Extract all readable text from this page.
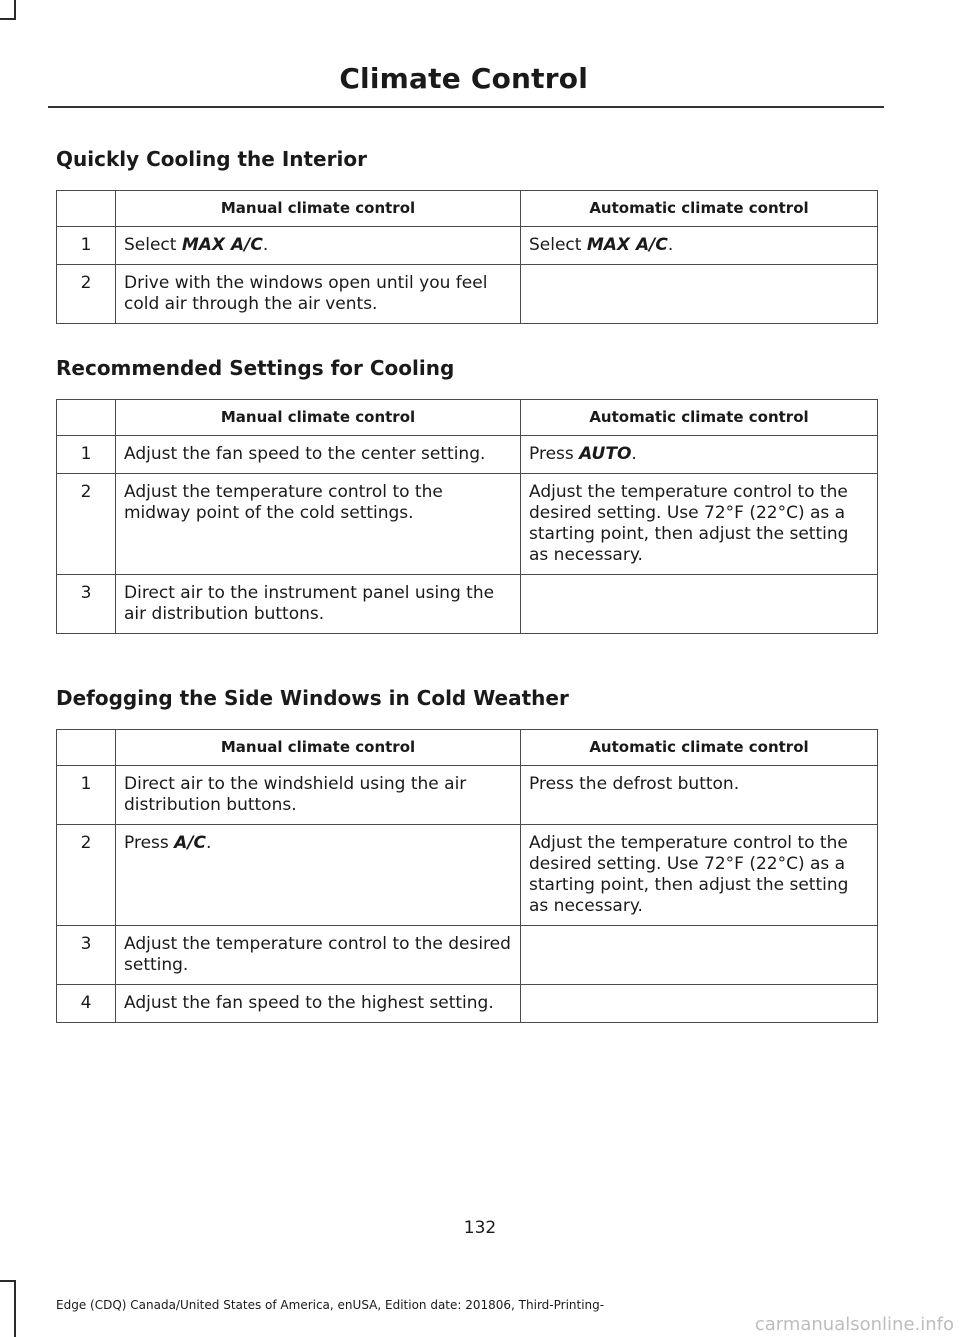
Climate Control
Quickly Cooling the Interior
	Manual climate control	Automatic climate control
1	Select MAX A/C.	Select MAX A/C.
2	Drive with the windows open until you feel cold air through the air vents.	
Recommended Settings for Cooling
	Manual climate control	Automatic climate control
1	Adjust the fan speed to the center setting.	Press AUTO.
2	Adjust the temperature control to the midway point of the cold settings.	Adjust the temperature control to the desired setting. Use 72°F (22°C) as a starting point, then adjust the setting as necessary.
3	Direct air to the instrument panel using the air distribution buttons.	
Defogging the Side Windows in Cold Weather
	Manual climate control	Automatic climate control
1	Direct air to the windshield using the air distribution buttons.	Press the defrost button.
2	Press A/C.	Adjust the temperature control to the desired setting. Use 72°F (22°C) as a starting point, then adjust the setting as necessary.
3	Adjust the temperature control to the desired setting.	
4	Adjust the fan speed to the highest setting.	
132
Edge (CDQ) Canada/United States of America, enUSA, Edition date: 201806, Third-Printing-
carmanualsonline.info
